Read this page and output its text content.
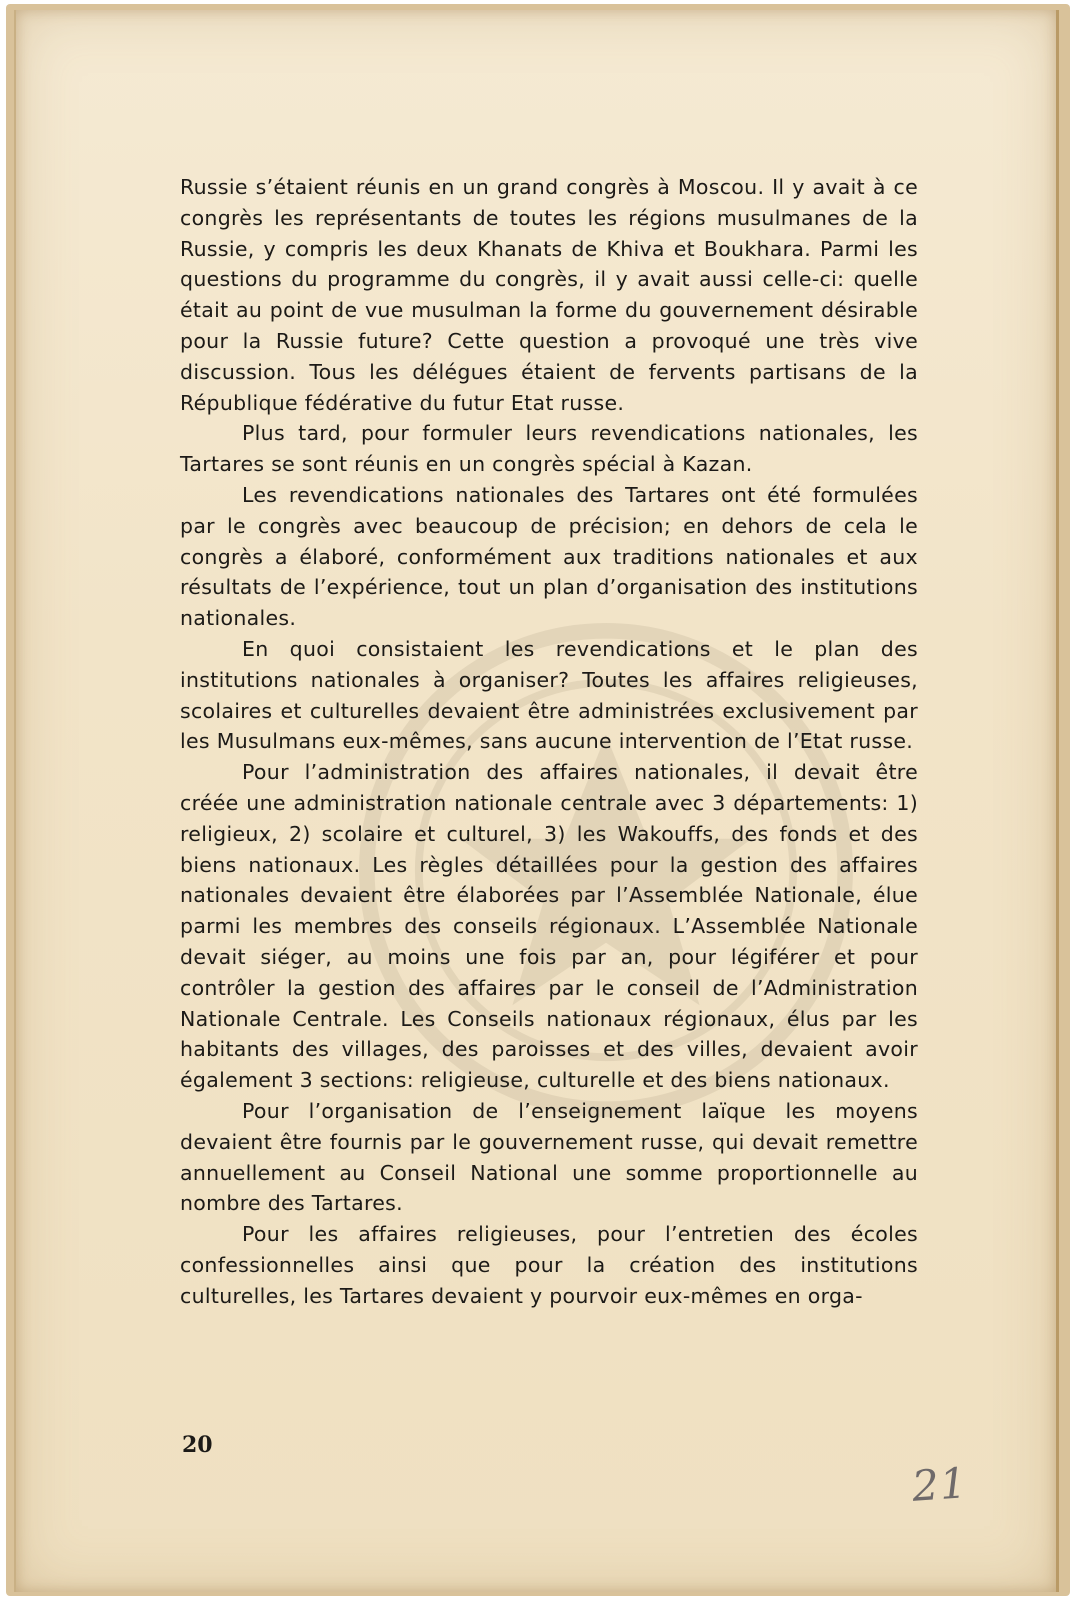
Russie s’étaient réunis en un grand congrès à Moscou. Il y avait à ce congrès les représentants de toutes les régions musulmanes de la Russie, y compris les deux Khanats de Khiva et Boukhara. Parmi les questions du programme du congrès, il y avait aussi celle-ci: quelle était au point de vue musulman la forme du gouvernement désirable pour la Russie future? Cette question a provoqué une très vive discussion. Tous les délégues étaient de fervents partisans de la République fédérative du futur Etat russe.

Plus tard, pour formuler leurs revendications nationales, les Tartares se sont réunis en un congrès spécial à Kazan.

Les revendications nationales des Tartares ont été formulées par le congrès avec beaucoup de précision; en dehors de cela le congrès a élaboré, conformément aux traditions nationales et aux résultats de l’expérience, tout un plan d’organisation des institutions nationales.

En quoi consistaient les revendications et le plan des institutions nationales à organiser? Toutes les affaires religieuses, scolaires et culturelles devaient être administrées exclusivement par les Musulmans eux-mêmes, sans aucune intervention de l’Etat russe.

Pour l’administration des affaires nationales, il devait être créée une administration nationale centrale avec 3 départements: 1) religieux, 2) scolaire et culturel, 3) les Wakouffs, des fonds et des biens nationaux. Les règles détaillées pour la gestion des affaires nationales devaient être élaborées par l’Assemblée Nationale, élue parmi les membres des conseils régionaux. L’Assemblée Nationale devait siéger, au moins une fois par an, pour légiférer et pour contrôler la gestion des affaires par le conseil de l’Administration Nationale Centrale. Les Conseils nationaux régionaux, élus par les habitants des villages, des paroisses et des villes, devaient avoir également 3 sections: religieuse, culturelle et des biens nationaux.

Pour l’organisation de l’enseignement laïque les moyens devaient être fournis par le gouvernement russe, qui devait remettre annuellement au Conseil National une somme proportionnelle au nombre des Tartares.

Pour les affaires religieuses, pour l’entretien des écoles confessionnelles ainsi que pour la création des institutions culturelles, les Tartares devaient y pourvoir eux-mêmes en orga-

20
21
